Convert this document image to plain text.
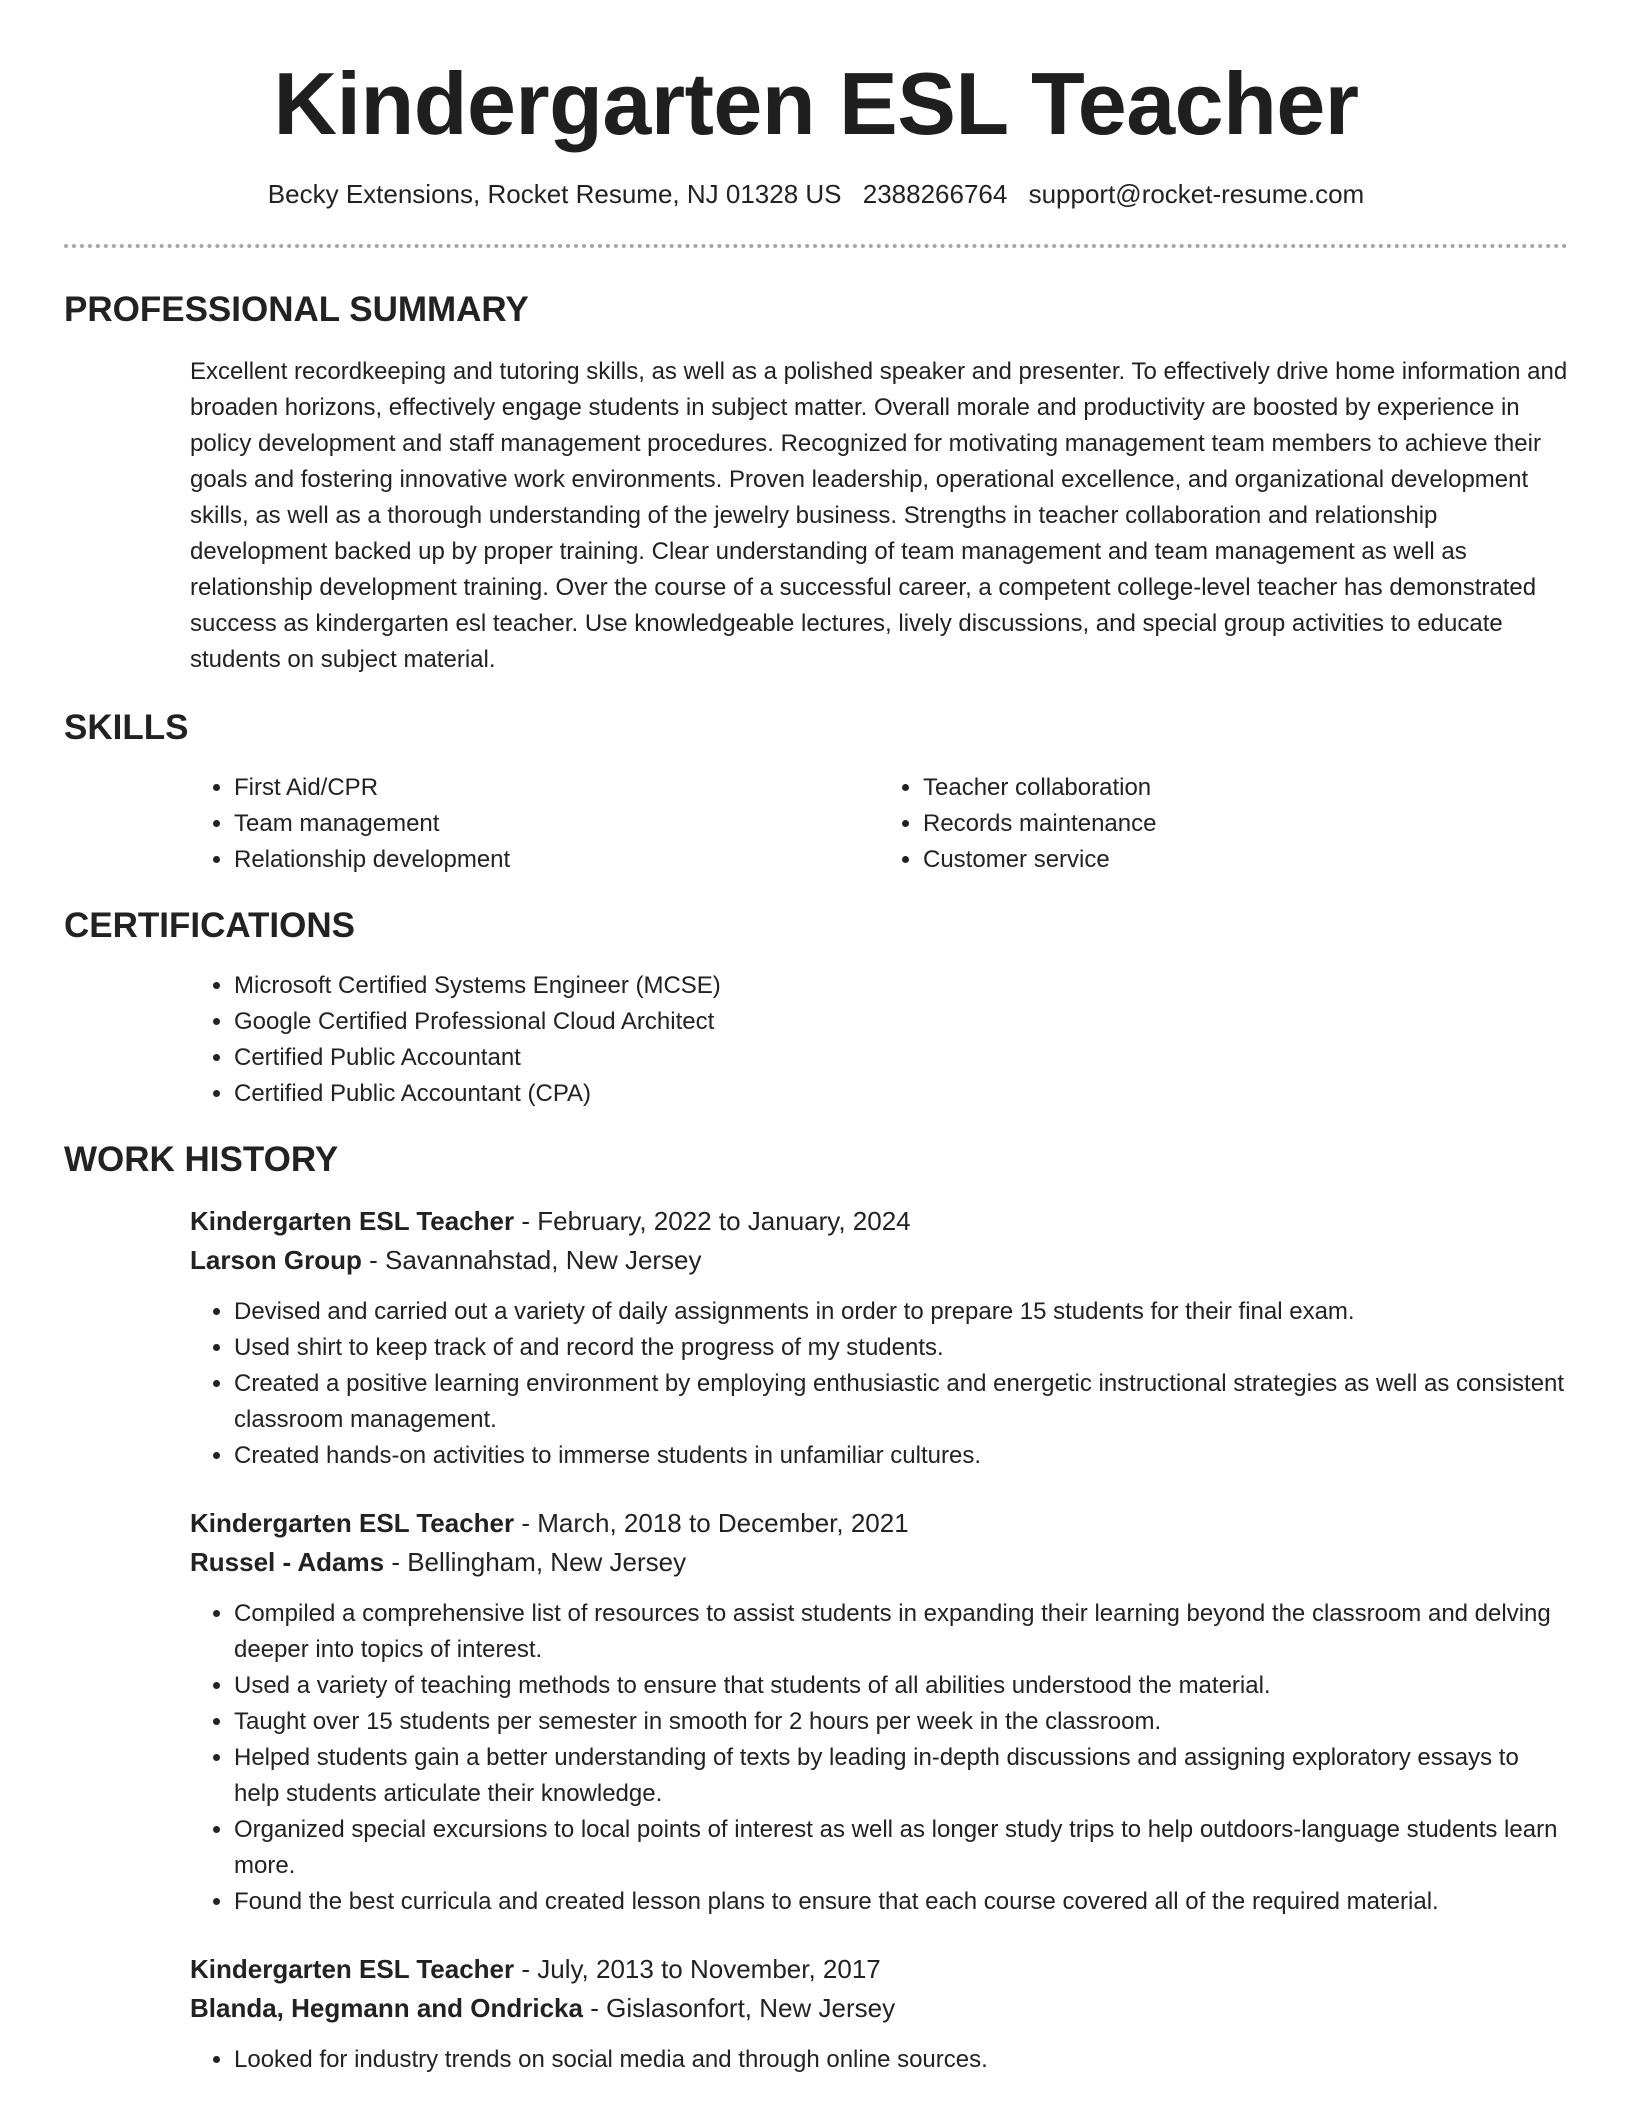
Kindergarten ESL Teacher
Becky Extensions, Rocket Resume, NJ 01328 US 2388266764 support@rocket-resume.com
PROFESSIONAL SUMMARY

Excellent recordkeeping and tutoring skills, as well as a polished speaker and presenter. To effectively drive home information and broaden horizons, effectively engage students in subject matter. Overall morale and productivity are boosted by experience in policy development and staff management procedures. Recognized for motivating management team members to achieve their goals and fostering innovative work environments. Proven leadership, operational excellence, and organizational development skills, as well as a thorough understanding of the jewelry business. Strengths in teacher collaboration and relationship development backed up by proper training. Clear understanding of team management and team management as well as relationship development training. Over the course of a successful career, a competent college-level teacher has demonstrated success as kindergarten esl teacher. Use knowledgeable lectures, lively discussions, and special group activities to educate students on subject material.

SKILLS
• First Aid/CPR
• Team management
• Relationship development
• Teacher collaboration
• Records maintenance
• Customer service
CERTIFICATIONS
• Microsoft Certified Systems Engineer (MCSE)
• Google Certified Professional Cloud Architect
• Certified Public Accountant
• Certified Public Accountant (CPA)
WORK HISTORY
Kindergarten ESL Teacher - February, 2022 to January, 2024
Larson Group - Savannahstad, New Jersey
• Devised and carried out a variety of daily assignments in order to prepare 15 students for their final exam.
• Used shirt to keep track of and record the progress of my students.
• Created a positive learning environment by employing enthusiastic and energetic instructional strategies as well as consistent classroom management.
• Created hands-on activities to immerse students in unfamiliar cultures.
Kindergarten ESL Teacher - March, 2018 to December, 2021
Russel - Adams - Bellingham, New Jersey
• Compiled a comprehensive list of resources to assist students in expanding their learning beyond the classroom and delving deeper into topics of interest.
• Used a variety of teaching methods to ensure that students of all abilities understood the material.
• Taught over 15 students per semester in smooth for 2 hours per week in the classroom.
• Helped students gain a better understanding of texts by leading in-depth discussions and assigning exploratory essays to help students articulate their knowledge.
• Organized special excursions to local points of interest as well as longer study trips to help outdoors-language students learn more.
• Found the best curricula and created lesson plans to ensure that each course covered all of the required material.
Kindergarten ESL Teacher - July, 2013 to November, 2017
Blanda, Hegmann and Ondricka - Gislasonfort, New Jersey
• Looked for industry trends on social media and through online sources.
